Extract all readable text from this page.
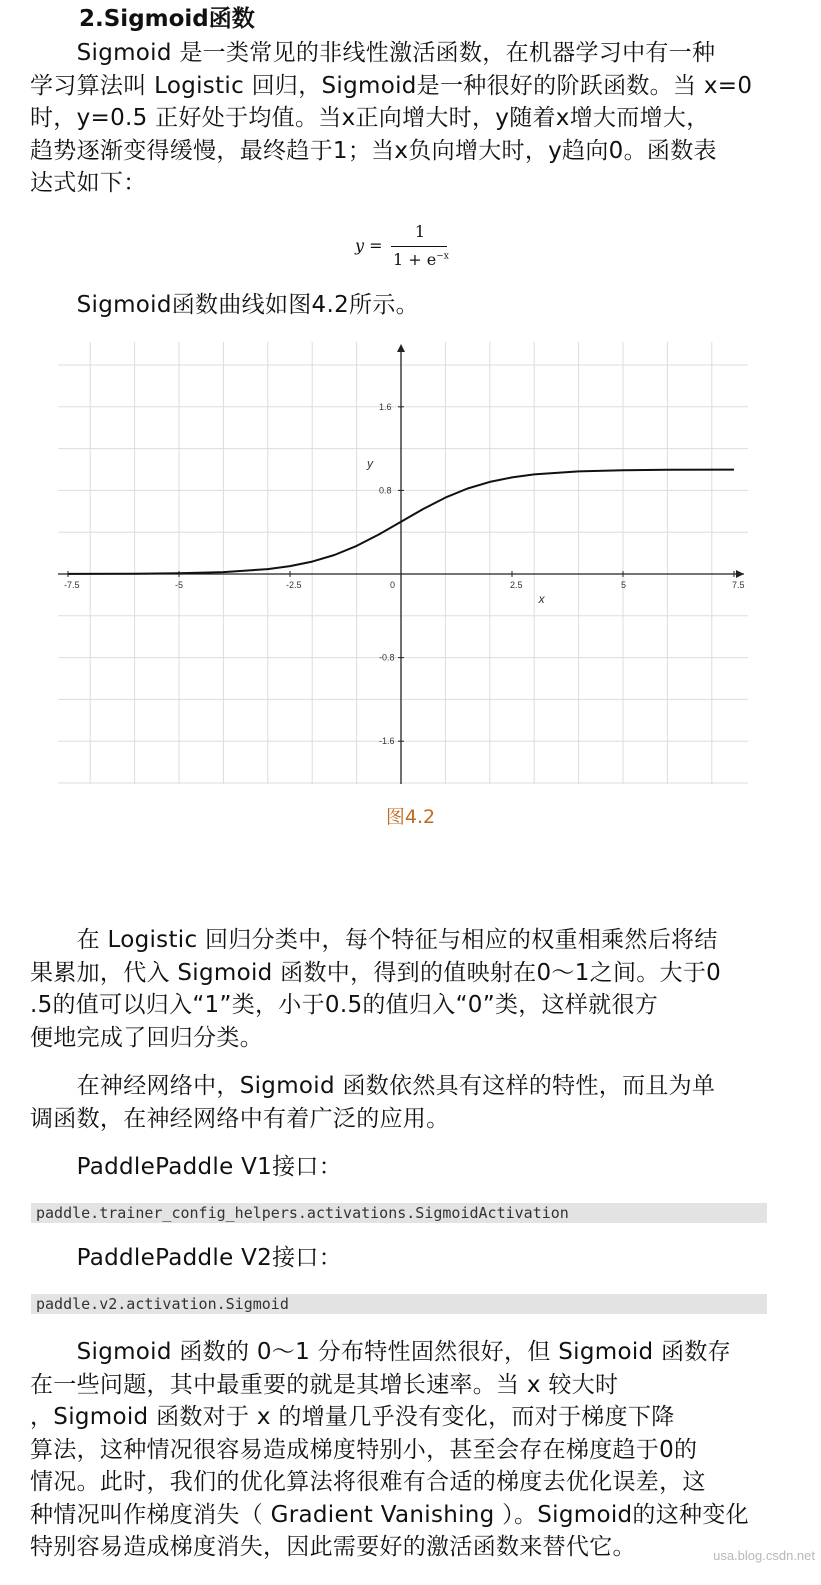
2.Sigmoid函数
　　Sigmoid 是一类常见的非线性激活函数，在机器学习中有一种
学习算法叫 Logistic 回归，Sigmoid是一种很好的阶跃函数。当 x=0
时，y=0.5 正好处于均值。当x正向增大时，y随着x增大而增大，
趋势逐渐变得缓慢，最终趋于1；当x负向增大时，y趋向0。函数表
达式如下：
y =
1
$1 + e^{-x}$
　　Sigmoid函数曲线如图4.2所示。
-7.5	-5	-2.5	0	2.5	5	7.5
1.6
0.8
-0.8
-1.6
x
y
图4.2
　　在 Logistic 回归分类中，每个特征与相应的权重相乘然后将结
果累加，代入 Sigmoid 函数中，得到的值映射在0～1之间。大于0
.5的值可以归入“1”类，小于0.5的值归入“0”类，这样就很方
便地完成了回归分类。
　　在神经网络中，Sigmoid 函数依然具有这样的特性，而且为单
调函数，在神经网络中有着广泛的应用。
　　PaddlePaddle V1接口：
paddle.trainer_config_helpers.activations.SigmoidActivation
　　PaddlePaddle V2接口：
paddle.v2.activation.Sigmoid
　　Sigmoid 函数的 0～1 分布特性固然很好，但 Sigmoid 函数存
在一些问题，其中最重要的就是其增长速率。当 x 较大时
，Sigmoid 函数对于 x 的增量几乎没有变化，而对于梯度下降
算法，这种情况很容易造成梯度特别小，甚至会存在梯度趋于0的
情况。此时，我们的优化算法将很难有合适的梯度去优化误差，这
种情况叫作梯度消失（ Gradient Vanishing ）。Sigmoid的这种变化
特别容易造成梯度消失，因此需要好的激活函数来替代它。	usa.blog.csdn.net
